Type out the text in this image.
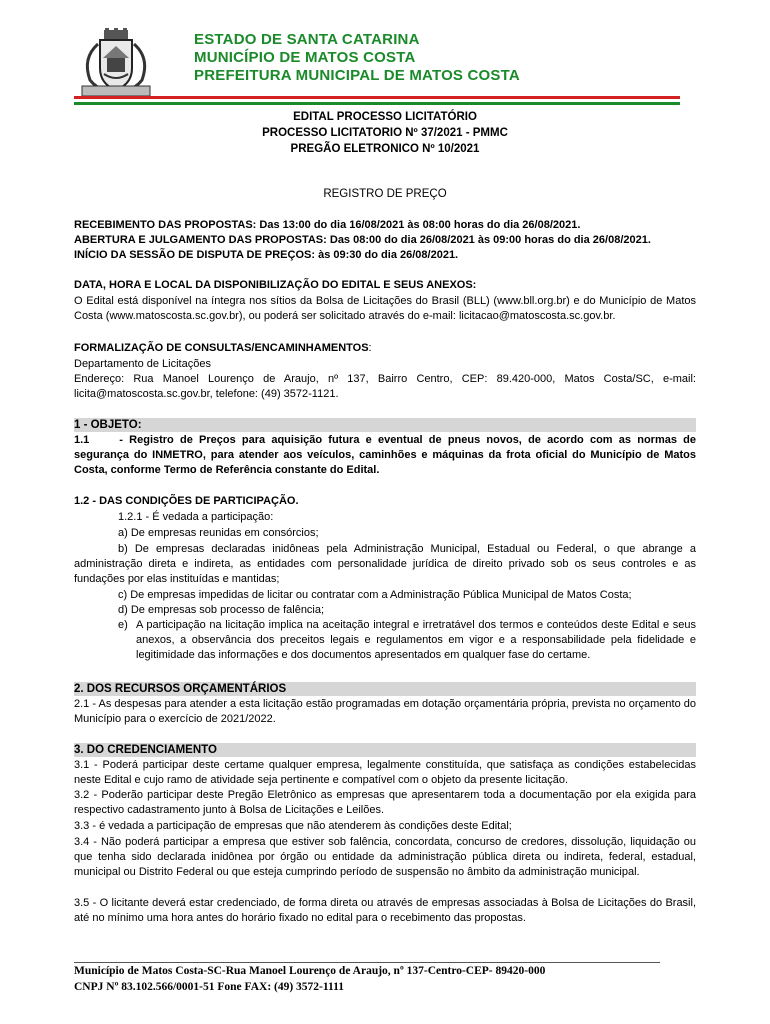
ESTADO DE SANTA CATARINA
MUNICÍPIO DE MATOS COSTA
PREFEITURA MUNICIPAL DE MATOS COSTA
EDITAL PROCESSO LICITATÓRIO
PROCESSO LICITATORIO Nº 37/2021 - PMMC
PREGÃO ELETRONICO Nº 10/2021
REGISTRO DE PREÇO
RECEBIMENTO DAS PROPOSTAS: Das 13:00 do dia 16/08/2021 às 08:00 horas do dia 26/08/2021.
ABERTURA E JULGAMENTO DAS PROPOSTAS: Das 08:00 do dia 26/08/2021 às 09:00 horas do dia 26/08/2021.
INÍCIO DA SESSÃO DE DISPUTA DE PREÇOS: às 09:30 do dia 26/08/2021.
DATA, HORA E LOCAL DA DISPONIBILIZAÇÃO DO EDITAL E SEUS ANEXOS:
O Edital está disponível na íntegra nos sítios da Bolsa de Licitações do Brasil (BLL) (www.bll.org.br) e do Município de Matos Costa (www.matoscosta.sc.gov.br), ou poderá ser solicitado através do e-mail: licitacao@matoscosta.sc.gov.br.
FORMALIZAÇÃO DE CONSULTAS/ENCAMINHAMENTOS:
Departamento de Licitações
Endereço: Rua Manoel Lourenço de Araujo, nº 137, Bairro Centro, CEP: 89.420-000, Matos Costa/SC, e-mail: licita@matoscosta.sc.gov.br, telefone: (49) 3572-1121.
1 - OBJETO:
1.1	- Registro de Preços para aquisição futura e eventual de pneus novos, de acordo com as normas de segurança do INMETRO, para atender aos veículos, caminhões e máquinas da frota oficial do Município de Matos Costa, conforme Termo de Referência constante do Edital.
1.2 - DAS CONDIÇÕES DE PARTICIPAÇÃO.
1.2.1 - É vedada a participação:
a) De empresas reunidas em consórcios;
b) De empresas declaradas inidôneas pela Administração Municipal, Estadual ou Federal, o que abrange a administração direta e indireta, as entidades com personalidade jurídica de direito privado sob os seus controles e as fundações por elas instituídas e mantidas;
c) De empresas impedidas de licitar ou contratar com a Administração Pública Municipal de Matos Costa;
d) De empresas sob processo de falência;
e) A participação na licitação implica na aceitação integral e irretratável dos termos e conteúdos deste Edital e seus anexos, a observância dos preceitos legais e regulamentos em vigor e a responsabilidade pela fidelidade e legitimidade das informações e dos documentos apresentados em qualquer fase do certame.
2. DOS RECURSOS ORÇAMENTÁRIOS
2.1 - As despesas para atender a esta licitação estão programadas em dotação orçamentária própria, prevista no orçamento do Município para o exercício de 2021/2022.
3. DO CREDENCIAMENTO
3.1 - Poderá participar deste certame qualquer empresa, legalmente constituída, que satisfaça as condições estabelecidas neste Edital e cujo ramo de atividade seja pertinente e compatível com o objeto da presente licitação.
3.2 - Poderão participar deste Pregão Eletrônico as empresas que apresentarem toda a documentação por ela exigida para respectivo cadastramento junto à Bolsa de Licitações e Leilões.
3.3 - é vedada a participação de empresas que não atenderem às condições deste Edital;
3.4 - Não poderá participar a empresa que estiver sob falência, concordata, concurso de credores, dissolução, liquidação ou que tenha sido declarada inidônea por órgão ou entidade da administração pública direta ou indireta, federal, estadual, municipal ou Distrito Federal ou que esteja cumprindo período de suspensão no âmbito da administração municipal.
3.5 - O licitante deverá estar credenciado, de forma direta ou através de empresas associadas à Bolsa de Licitações do Brasil, até no mínimo uma hora antes do horário fixado no edital para o recebimento das propostas.
Município de Matos Costa-SC-Rua Manoel Lourenço de Araujo, nº 137-Centro-CEP- 89420-000
CNPJ Nº 83.102.566/0001-51 Fone FAX: (49) 3572-1111
